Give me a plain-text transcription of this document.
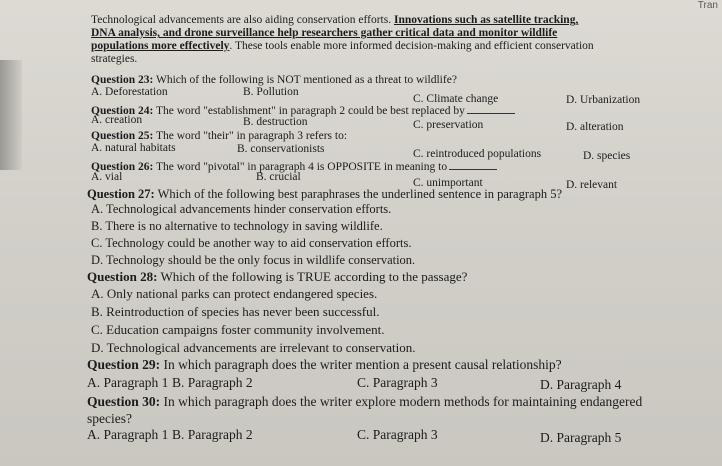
Tran
Technological advancements are also aiding conservation efforts. Innovations such as satellite tracking,
DNA analysis, and drone surveillance help researchers gather critical data and monitor wildlife
populations more effectively. These tools enable more informed decision-making and efficient conservation
strategies.
Question 23: Which of the following is NOT mentioned as a threat to wildlife?
A. Deforestation	B. Pollution
C. Climate change	D. Urbanization
Question 24: The word "establishment" in paragraph 2 could be best replaced by
A. creation	B. destruction	C. preservation	D. alteration
Question 25: The word "their" in paragraph 3 refers to:
A. natural habitats	B. conservationists	C. reintroduced populations	D. species
Question 26: The word "pivotal" in paragraph 4 is OPPOSITE in meaning to
A. vial	B. crucial	C. unimportant	D. relevant
Question 27: Which of the following best paraphrases the underlined sentence in paragraph 5?
A. Technological advancements hinder conservation efforts.
B. There is no alternative to technology in saving wildlife.
C. Technology could be another way to aid conservation efforts.
D. Technology should be the only focus in wildlife conservation.
Question 28: Which of the following is TRUE according to the passage?
A. Only national parks can protect endangered species.
B. Reintroduction of species has never been successful.
C. Education campaigns foster community involvement.
D. Technological advancements are irrelevant to conservation.
Question 29: In which paragraph does the writer mention a present causal relationship?
A. Paragraph 1 B. Paragraph 2	C. Paragraph 3	D. Paragraph 4
Question 30: In which paragraph does the writer explore modern methods for maintaining endangered
species?
A. Paragraph 1 B. Paragraph 2	C. Paragraph 3	D. Paragraph 5
